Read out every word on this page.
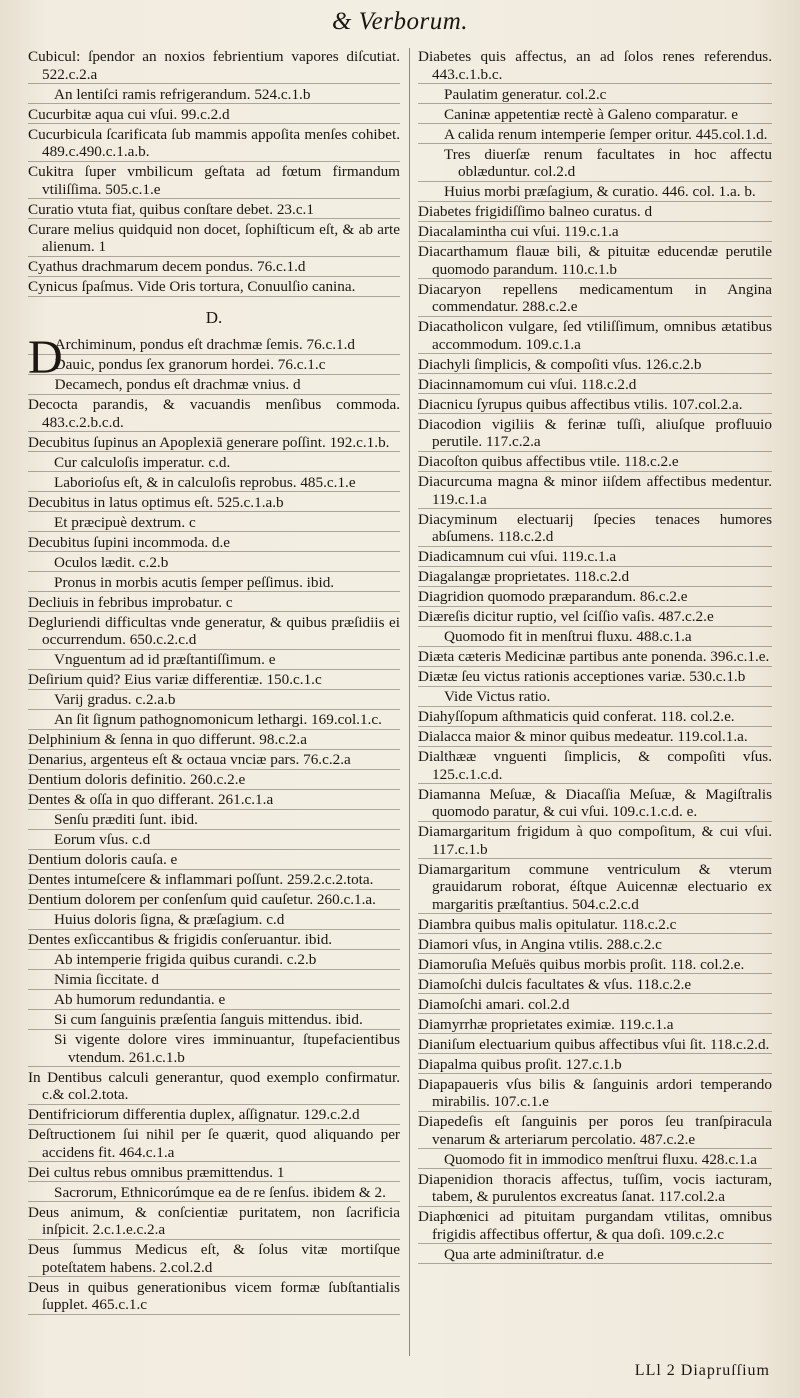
& Verborum.
Cubicul: ſpendor an noxios febrientium vapores diſcutiat. 522.c.2.a
An lentiſci ramis refrigerandum. 524.c.1.b
Cucurbitæ aqua cui vſui. 99.c.2.d
Cucurbicula ſcarificata ſub mammis appoſita menſes cohibet. 489.c.490.c.1.a.b.
Cukitra ſuper vmbilicum geſtata ad fœtum firmandum vtiliſſima. 505.c.1.e
Curatio vtuta fiat, quibus conſtare debet. 23.c.1
Curare melius quidquid non docet, ſophiſticum eſt, & ab arte alienum. 1
Cyathus drachmarum decem pondus. 76.c.1.d
Cynicus ſpaſmus. Vide Oris tortura, Conuulſio canina.
D.
D
Archiminum, pondus eſt drachmæ ſemis. 76.c.1.d
Dauic, pondus ſex granorum hordei. 76.c.1.c
Decamech, pondus eſt drachmæ vnius. d
Decocta parandis, & vacuandis menſibus commoda. 483.c.2.b.c.d.
Decubitus ſupinus an Apoplexiā generare poſſint. 192.c.1.b.
Cur calculoſis imperatur. c.d.
Laborioſus eſt, & in calculoſis reprobus. 485.c.1.e
Decubitus in latus optimus eſt. 525.c.1.a.b
Et præcipuè dextrum. c
Decubitus ſupini incommoda. d.e
Oculos lædit. c.2.b
Pronus in morbis acutis ſemper peſſimus. ibid.
Decliuis in febribus improbatur. c
Degluriendi difficultas vnde generatur, & quibus præſidiis ei occurrendum. 650.c.2.c.d
Vnguentum ad id præſtantiſſimum. e
Deſirium quid? Eius variæ differentiæ. 150.c.1.c
Varij gradus. c.2.a.b
An ſit ſignum pathognomonicum lethargi. 169.col.1.c.
Delphinium & ſenna in quo differunt. 98.c.2.a
Denarius, argenteus eſt & octaua vnciæ pars. 76.c.2.a
Dentium doloris definitio. 260.c.2.e
Dentes & oſſa in quo differant. 261.c.1.a
Senſu præditi ſunt. ibid.
Eorum vſus. c.d
Dentium doloris cauſa. e
Dentes intumeſcere & inflammari poſſunt. 259.2.c.2.tota.
Dentium dolorem per conſenſum quid cauſetur. 260.c.1.a.
Huius doloris ſigna, & præſagium. c.d
Dentes exſiccantibus & frigidis conſeruantur. ibid.
Ab intemperie frigida quibus curandi. c.2.b
Nimia ſiccitate. d
Ab humorum redundantia. e
Si cum ſanguinis præſentia ſanguis mittendus. ibid.
Si vigente dolore vires imminuantur, ſtupefacientibus vtendum. 261.c.1.b
In Dentibus calculi generantur, quod exemplo confirmatur. c.& col.2.tota.
Dentifriciorum differentia duplex, aſſignatur. 129.c.2.d
Deſtructionem ſui nihil per ſe quærit, quod aliquando per accidens fit. 464.c.1.a
Dei cultus rebus omnibus præmittendus. 1
Sacrorum, Ethnicorúmque ea de re ſenſus. ibidem & 2.
Deus animum, & conſcientiæ puritatem, non ſacrificia inſpicit. 2.c.1.e.c.2.a
Deus ſummus Medicus eſt, & ſolus vitæ mortiſque poteſtatem habens. 2.col.2.d
Deus in quibus generationibus vicem formæ ſubſtantialis ſupplet. 465.c.1.c
Diabetes quis affectus, an ad ſolos renes referendus. 443.c.1.b.c.
Paulatim generatur. col.2.c
Caninæ appetentiæ rectè à Galeno comparatur. e
A calida renum intemperie ſemper oritur. 445.col.1.d.
Tres diuerſæ renum facultates in hoc affectu oblæduntur. col.2.d
Huius morbi præſagium, & curatio. 446. col. 1.a. b.
Diabetes frigidiſſimo balneo curatus. d
Diacalamintha cui vſui. 119.c.1.a
Diacarthamum flauæ bili, & pituitæ educendæ perutile quomodo parandum. 110.c.1.b
Diacaryon repellens medicamentum in Angina commendatur. 288.c.2.e
Diacatholicon vulgare, ſed vtiliſſimum, omnibus ætatibus accommodum. 109.c.1.a
Diachyli ſimplicis, & compoſiti vſus. 126.c.2.b
Diacinnamomum cui vſui. 118.c.2.d
Diacnicu ſyrupus quibus affectibus vtilis. 107.col.2.a.
Diacodion vigiliis & ferinæ tuſſi, aliuſque profluuio perutile. 117.c.2.a
Diacoſton quibus affectibus vtile. 118.c.2.e
Diacurcuma magna & minor iiſdem affectibus medentur. 119.c.1.a
Diacyminum electuarij ſpecies tenaces humores abſumens. 118.c.2.d
Diadicamnum cui vſui. 119.c.1.a
Diagalangæ proprietates. 118.c.2.d
Diagridion quomodo præparandum. 86.c.2.e
Diæreſis dicitur ruptio, vel ſciſſio vaſis. 487.c.2.e
Quomodo fit in menſtrui fluxu. 488.c.1.a
Diæta cæteris Medicinæ partibus ante ponenda. 396.c.1.e.
Diætæ ſeu victus rationis acceptiones variæ. 530.c.1.b
Vide Victus ratio.
Diahyſſopum aſthmaticis quid conferat. 118. col.2.e.
Dialacca maior & minor quibus medeatur. 119.col.1.a.
Dialthææ vnguenti ſimplicis, & compoſiti vſus. 125.c.1.c.d.
Diamanna Meſuæ, & Diacaſſia Meſuæ, & Magiſtralis quomodo paratur, & cui vſui. 109.c.1.c.d. e.
Diamargaritum frigidum à quo compoſitum, & cui vſui. 117.c.1.b
Diamargaritum commune ventriculum & vterum grauidarum roborat, éſtque Auicennæ electuario ex margaritis præſtantius. 504.c.2.c.d
Diambra quibus malis opitulatur. 118.c.2.c
Diamori vſus, in Angina vtilis. 288.c.2.c
Diamoruſia Meſuës quibus morbis proſit. 118. col.2.e.
Diamoſchi dulcis facultates & vſus. 118.c.2.e
Diamoſchi amari. col.2.d
Diamyrrhæ proprietates eximiæ. 119.c.1.a
Dianiſum electuarium quibus affectibus vſui ſit. 118.c.2.d.
Diapalma quibus proſit. 127.c.1.b
Diapapaueris vſus bilis & ſanguinis ardori temperando mirabilis. 107.c.1.e
Diapedeſis eſt ſanguinis per poros ſeu tranſpiracula venarum & arteriarum percolatio. 487.c.2.e
Quomodo fit in immodico menſtrui fluxu. 428.c.1.a
Diapenidion thoracis affectus, tuſſim, vocis iacturam, tabem, & purulentos excreatus ſanat. 117.col.2.a
Diaphœnici ad pituitam purgandam vtilitas, omnibus frigidis affectibus offertur, & qua doſi. 109.c.2.c
Qua arte adminiſtratur. d.e
LLl 2 Diapruſſium
